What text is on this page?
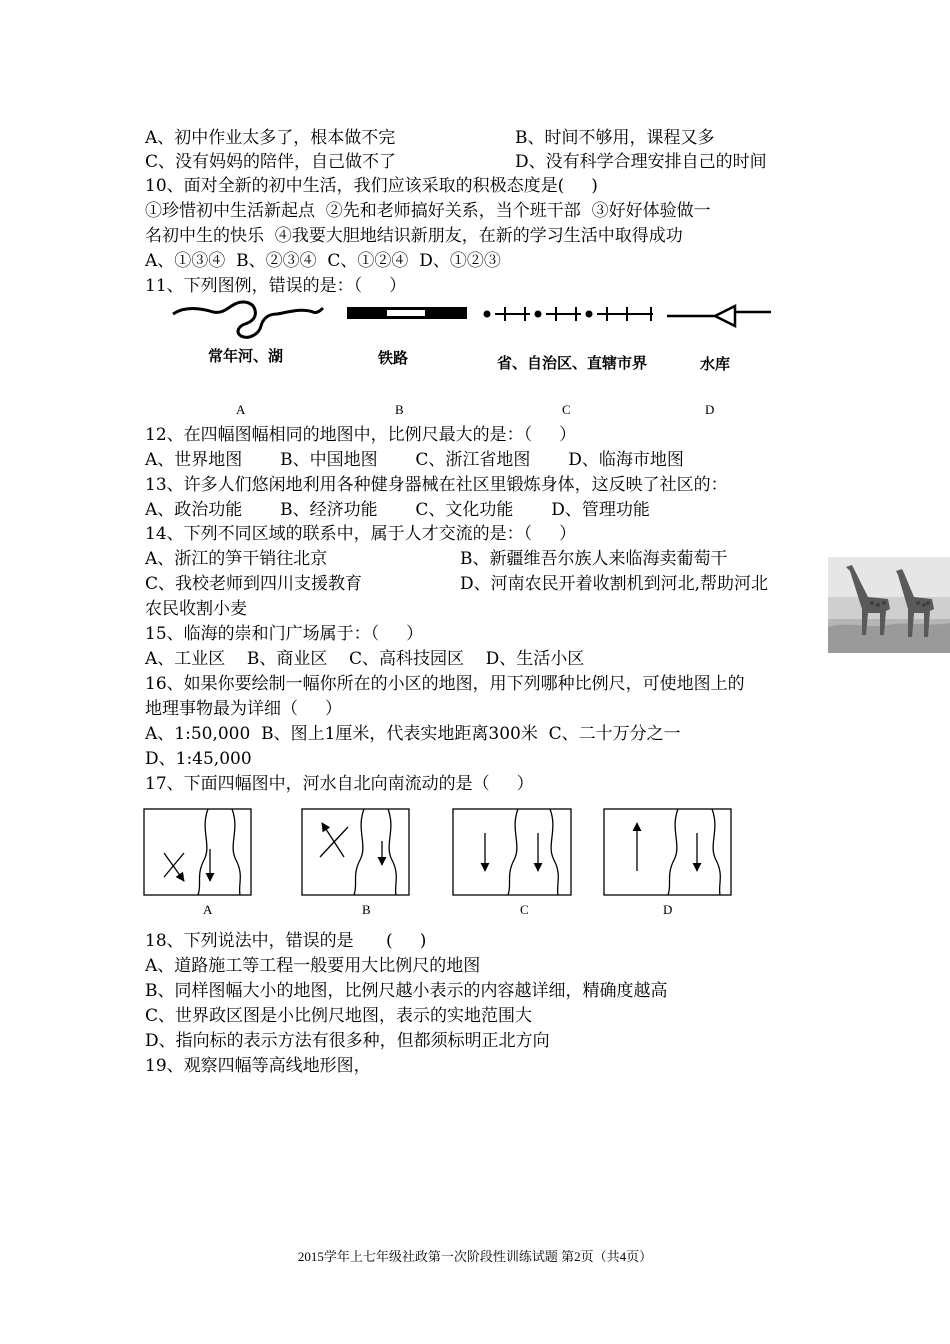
A、初中作业太多了，根本做不完	B、时间不够用，课程又多
C、没有妈妈的陪伴，自己做不了	D、没有科学合理安排自己的时间
10、面对全新的初中生活，我们应该采取的积极态度是(     )
①珍惜初中生活新起点  ②先和老师搞好关系，当个班干部  ③好好体验做一
名初中生的快乐  ④我要大胆地结识新朋友，在新的学习生活中取得成功
A、①③④  B、②③④  C、①②④  D、①②③
11、下列图例，错误的是：（     ）
12、在四幅图幅相同的地图中，比例尺最大的是：（     ）
A、世界地图       B、中国地图       C、浙江省地图       D、临海市地图
13、许多人们悠闲地利用各种健身器械在社区里锻炼身体，这反映了社区的：
A、政治功能       B、经济功能       C、文化功能       D、管理功能
14、下列不同区域的联系中，属于人才交流的是：（     ）
A、浙江的笋干销往北京	B、新疆维吾尔族人来临海卖葡萄干
C、我校老师到四川支援教育	D、河南农民开着收割机到河北,帮助河北
农民收割小麦
15、临海的崇和门广场属于：（     ）
A、工业区    B、商业区    C、高科技园区    D、生活小区
16、如果你要绘制一幅你所在的小区的地图，用下列哪种比例尺，可使地图上的
地理事物最为详细（     ）
A、1:50,000  B、图上1厘米，代表实地距离300米  C、二十万分之一
D、1:45,000
17、下面四幅图中，河水自北向南流动的是（     ）
18、下列说法中，错误的是      (     )
A、道路施工等工程一般要用大比例尺的地图
B、同样图幅大小的地图，比例尺越小表示的内容越详细，精确度越高
C、世界政区图是小比例尺地图，表示的实地范围大
D、指向标的表示方法有很多种，但都须标明正北方向
19、观察四幅等高线地形图，
常年河、湖	铁路	省、自治区、直辖市界	水库
A	B	C	D
A	B	C	D
2015学年上七年级社政第一次阶段性训练试题 第2页（共4页）
